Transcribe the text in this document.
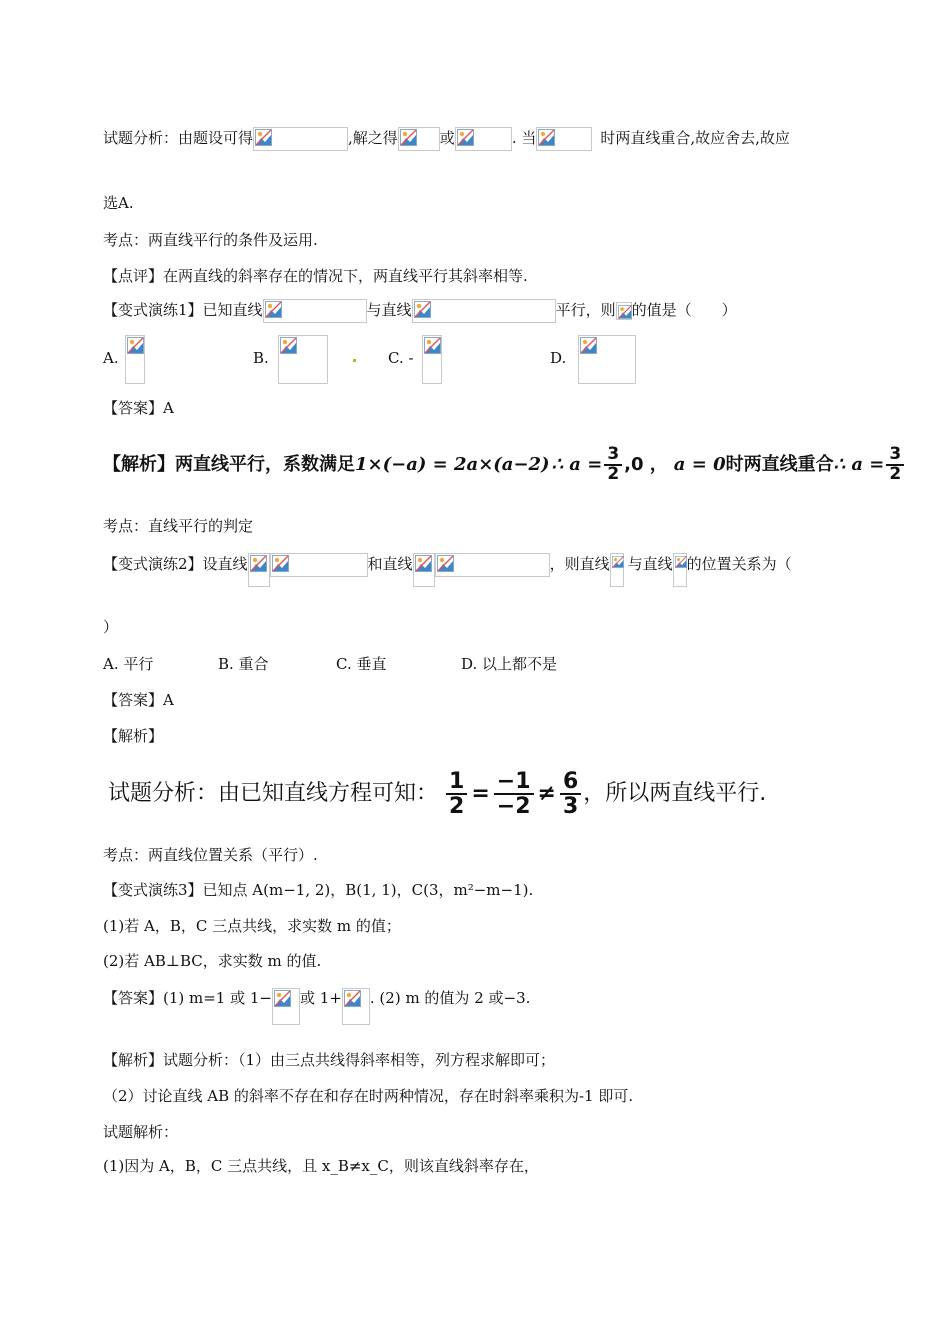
试题分析：由题设可得	,解之得	或	. 当	时两直线重合,故应舍去,故应
选A.
考点：两直线平行的条件及运用.
【点评】在两直线的斜率存在的情况下，两直线平行其斜率相等.
【变式演练1】已知直线	与直线	平行，则 的值是（　　）
A.	B.	C. -	D.
【答案】A
【解析】两直线平行，系数满足 1×(−a) = 2a×(a−2) ∴ $a = \frac{3}{2} ,0$ ， a = 0 时两直线重合 ∴ $a = \frac{3}{2}$
考点：直线平行的判定
【变式演练2】设直线	和直线	，则直线 与直线 的位置关系为（
）
A. 平行	B. 重合	C. 垂直	D. 以上都不是
【答案】A
【解析】
试题分析：由已知直线方程可知： $\frac{1}{2} = \frac{-1}{-2} \ne \frac{6}{3}$ ，所以两直线平行.
考点：两直线位置关系（平行）.
【变式演练3】已知点 A(m−1, 2)，B(1, 1)，C(3，m²−m−1).
(1)若 A，B，C 三点共线，求实数 m 的值；
(2)若 AB⊥BC，求实数 m 的值.
【答案】(1) m=1 或 1− 或 1+ . (2) m 的值为 2 或−3.
【解析】试题分析：（1）由三点共线得斜率相等，列方程求解即可；
（2）讨论直线 AB 的斜率不存在和存在时两种情况，存在时斜率乘积为-1 即可.
试题解析：
(1)因为 A，B，C 三点共线，且 x_B≠x_C，则该直线斜率存在，
